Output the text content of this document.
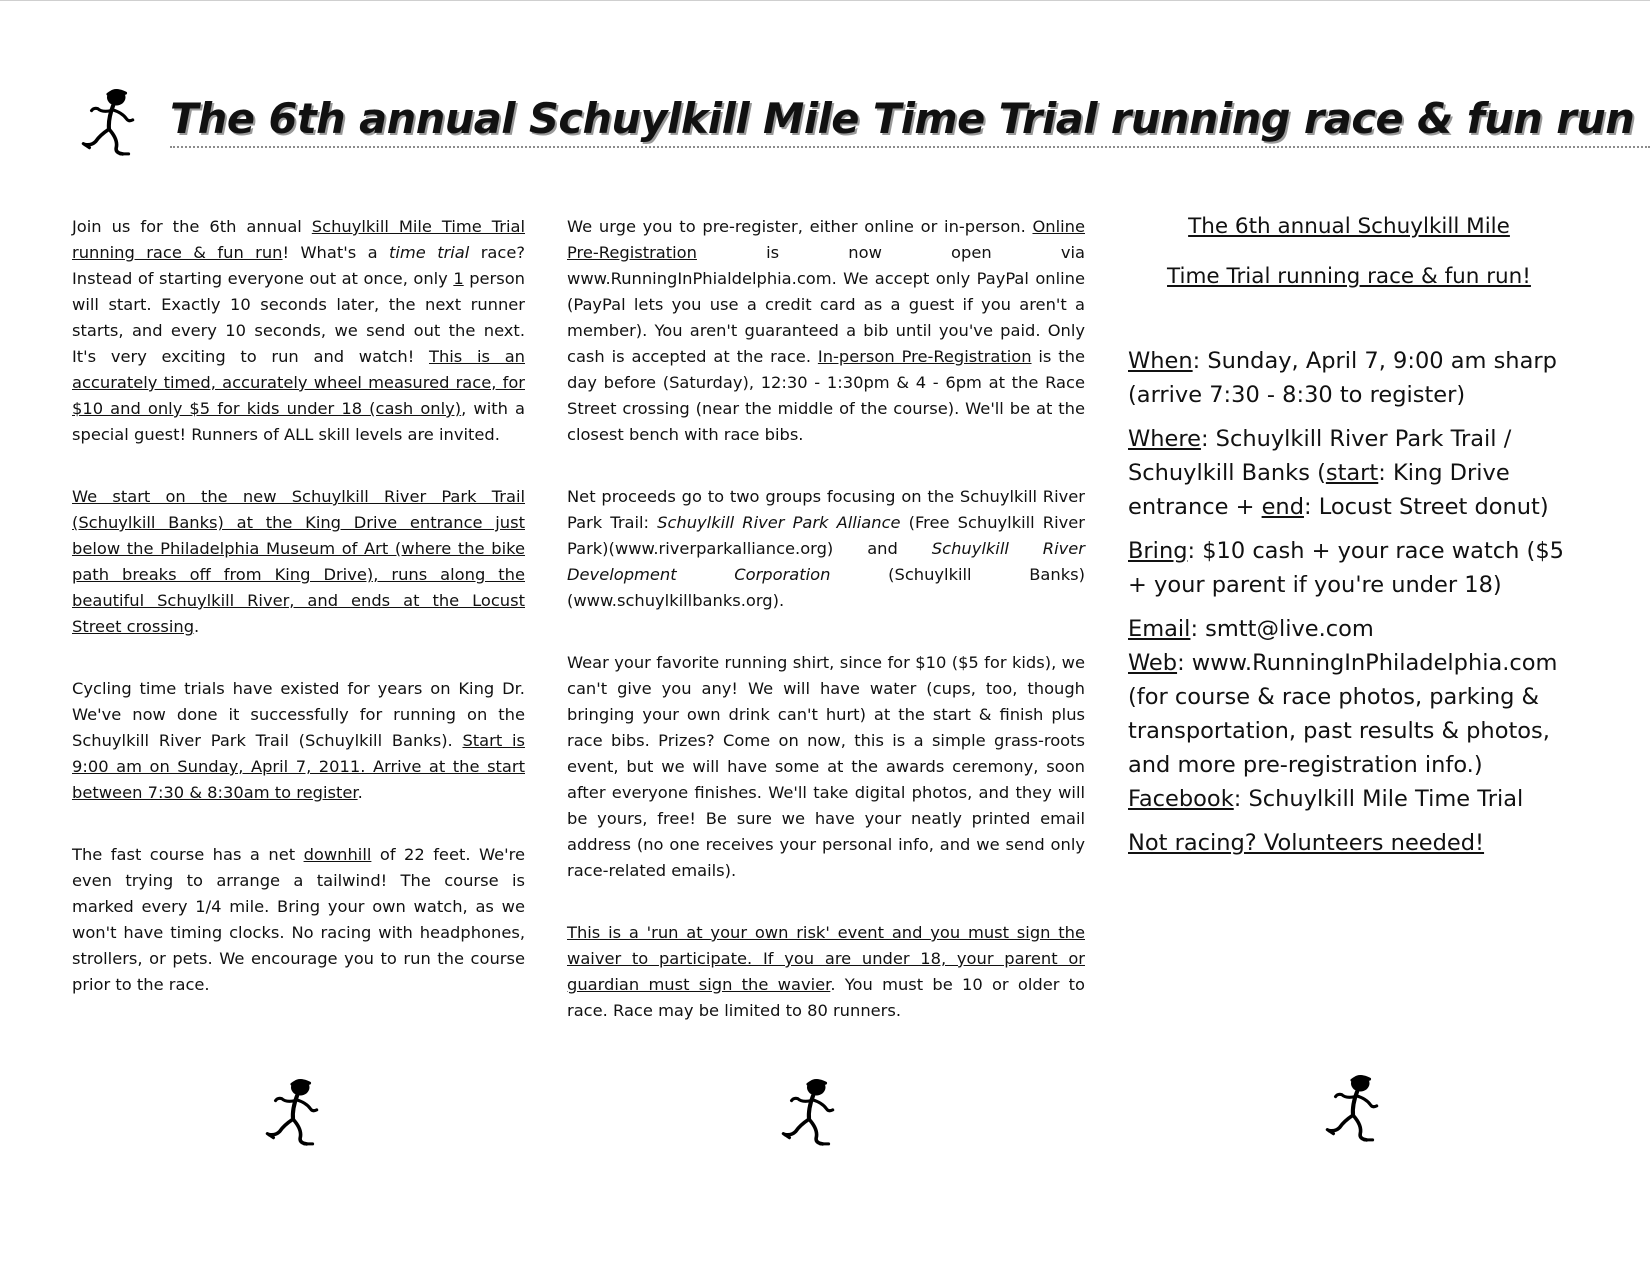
The 6th annual Schuylkill Mile Time Trial running race & fun run

Join us for the 6th annual Schuylkill Mile Time Trial running race & fun run! What's a time trial race? Instead of starting everyone out at once, only 1 person will start. Exactly 10 seconds later, the next runner starts, and every 10 seconds, we send out the next. It's very exciting to run and watch! This is an accurately timed, accurately wheel measured race, for $10 and only $5 for kids under 18 (cash only), with a special guest! Runners of ALL skill levels are invited.

We start on the new Schuylkill River Park Trail (Schuylkill Banks) at the King Drive entrance just below the Philadelphia Museum of Art (where the bike path breaks off from King Drive), runs along the beautiful Schuylkill River, and ends at the Locust Street crossing.

Cycling time trials have existed for years on King Dr. We've now done it successfully for running on the Schuylkill River Park Trail (Schuylkill Banks). Start is 9:00 am on Sunday, April 7, 2011. Arrive at the start between 7:30 & 8:30am to register.

The fast course has a net downhill of 22 feet. We're even trying to arrange a tailwind! The course is marked every 1/4 mile. Bring your own watch, as we won't have timing clocks. No racing with headphones, strollers, or pets. We encourage you to run the course prior to the race.

We urge you to pre-register, either online or in-person. Online Pre-Registration is now open via www.RunningInPhialdelphia.com. We accept only PayPal online (PayPal lets you use a credit card as a guest if you aren't a member). You aren't guaranteed a bib until you've paid. Only cash is accepted at the race. In-person Pre-Registration is the day before (Saturday), 12:30 - 1:30pm & 4 - 6pm at the Race Street crossing (near the middle of the course). We'll be at the closest bench with race bibs.

Net proceeds go to two groups focusing on the Schuylkill River Park Trail: Schuylkill River Park Alliance (Free Schuylkill River Park)(www.riverparkalliance.org) and Schuylkill River Development Corporation (Schuylkill Banks)(www.schuylkillbanks.org).

Wear your favorite running shirt, since for $10 ($5 for kids), we can't give you any! We will have water (cups, too, though bringing your own drink can't hurt) at the start & finish plus race bibs. Prizes? Come on now, this is a simple grass-roots event, but we will have some at the awards ceremony, soon after everyone finishes. We'll take digital photos, and they will be yours, free! Be sure we have your neatly printed email address (no one receives your personal info, and we send only race-related emails).

This is a 'run at your own risk' event and you must sign the waiver to participate. If you are under 18, your parent or guardian must sign the wavier. You must be 10 or older to race. Race may be limited to 80 runners.

The 6th annual Schuylkill Mile
Time Trial running race & fun run!

When: Sunday, April 7, 9:00 am sharp (arrive 7:30 - 8:30 to register)

Where: Schuylkill River Park Trail / Schuylkill Banks (start: King Drive entrance + end: Locust Street donut)

Bring: $10 cash + your race watch ($5 + your parent if you're under 18)

Email: smtt@live.com

Web: www.RunningInPhiladelphia.com (for course & race photos, parking & transportation, past results & photos, and more pre-registration info.)

Facebook: Schuylkill Mile Time Trial

Not racing? Volunteers needed!
